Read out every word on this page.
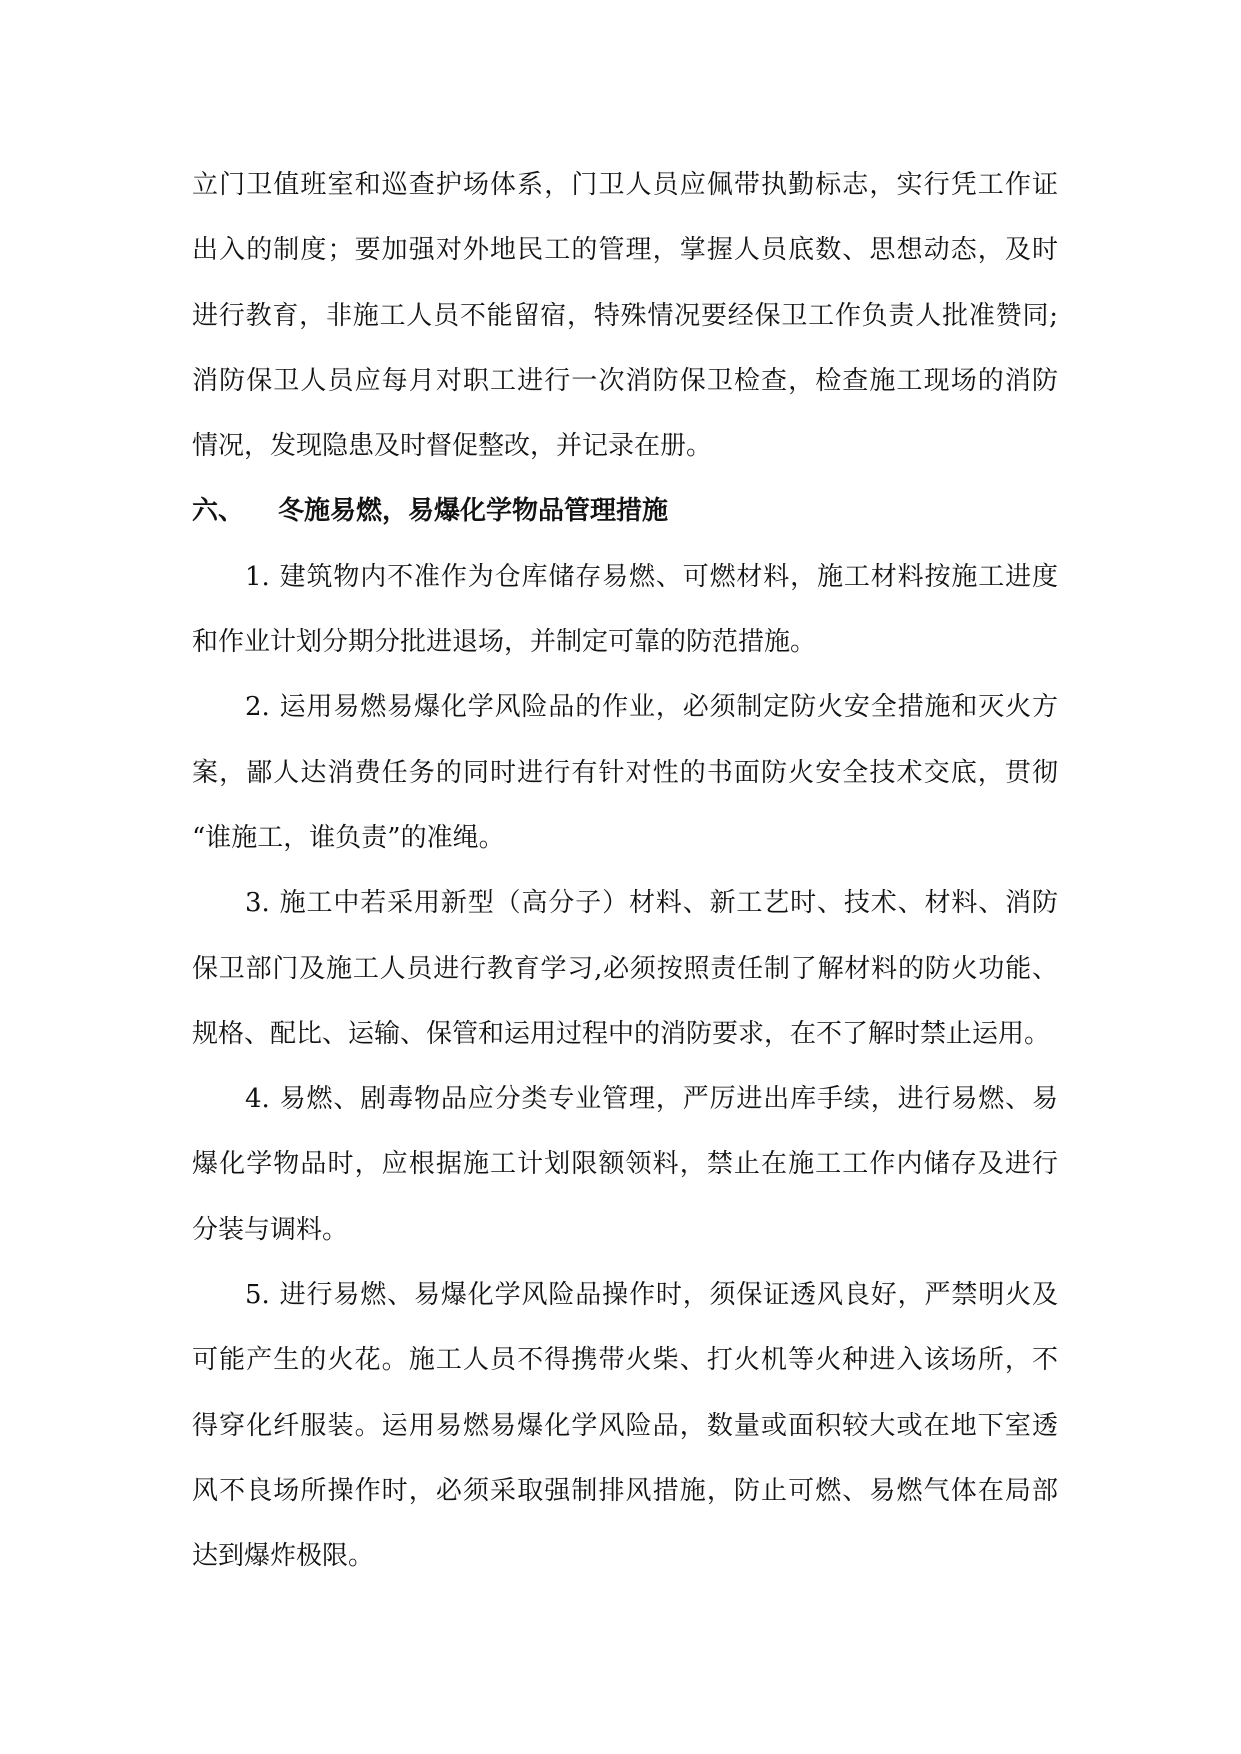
立门卫值班室和巡查护场体系，门卫人员应佩带执勤标志，实行凭工作证
出入的制度；要加强对外地民工的管理，掌握人员底数、思想动态，及时
进行教育，非施工人员不能留宿，特殊情况要经保卫工作负责人批准赞同;
消防保卫人员应每月对职工进行一次消防保卫检查，检查施工现场的消防
情况，发现隐患及时督促整改，并记录在册。
六、 冬施易燃，易爆化学物品管理措施
1. 建筑物内不准作为仓库储存易燃、可燃材料，施工材料按施工进度
和作业计划分期分批进退场，并制定可靠的防范措施。
2. 运用易燃易爆化学风险品的作业，必须制定防火安全措施和灭火方
案，鄙人达消费任务的同时进行有针对性的书面防火安全技术交底，贯彻
“谁施工，谁负责”的准绳。
3. 施工中若采用新型（高分子）材料、新工艺时、技术、材料、消防
保卫部门及施工人员进行教育学习,必须按照责任制了解材料的防火功能、
规格、配比、运输、保管和运用过程中的消防要求，在不了解时禁止运用。
4. 易燃、剧毒物品应分类专业管理，严厉进出库手续，进行易燃、易
爆化学物品时，应根据施工计划限额领料，禁止在施工工作内储存及进行
分装与调料。
5. 进行易燃、易爆化学风险品操作时，须保证透风良好，严禁明火及
可能产生的火花。施工人员不得携带火柴、打火机等火种进入该场所，不
得穿化纤服装。运用易燃易爆化学风险品，数量或面积较大或在地下室透
风不良场所操作时，必须采取强制排风措施，防止可燃、易燃气体在局部
达到爆炸极限。
